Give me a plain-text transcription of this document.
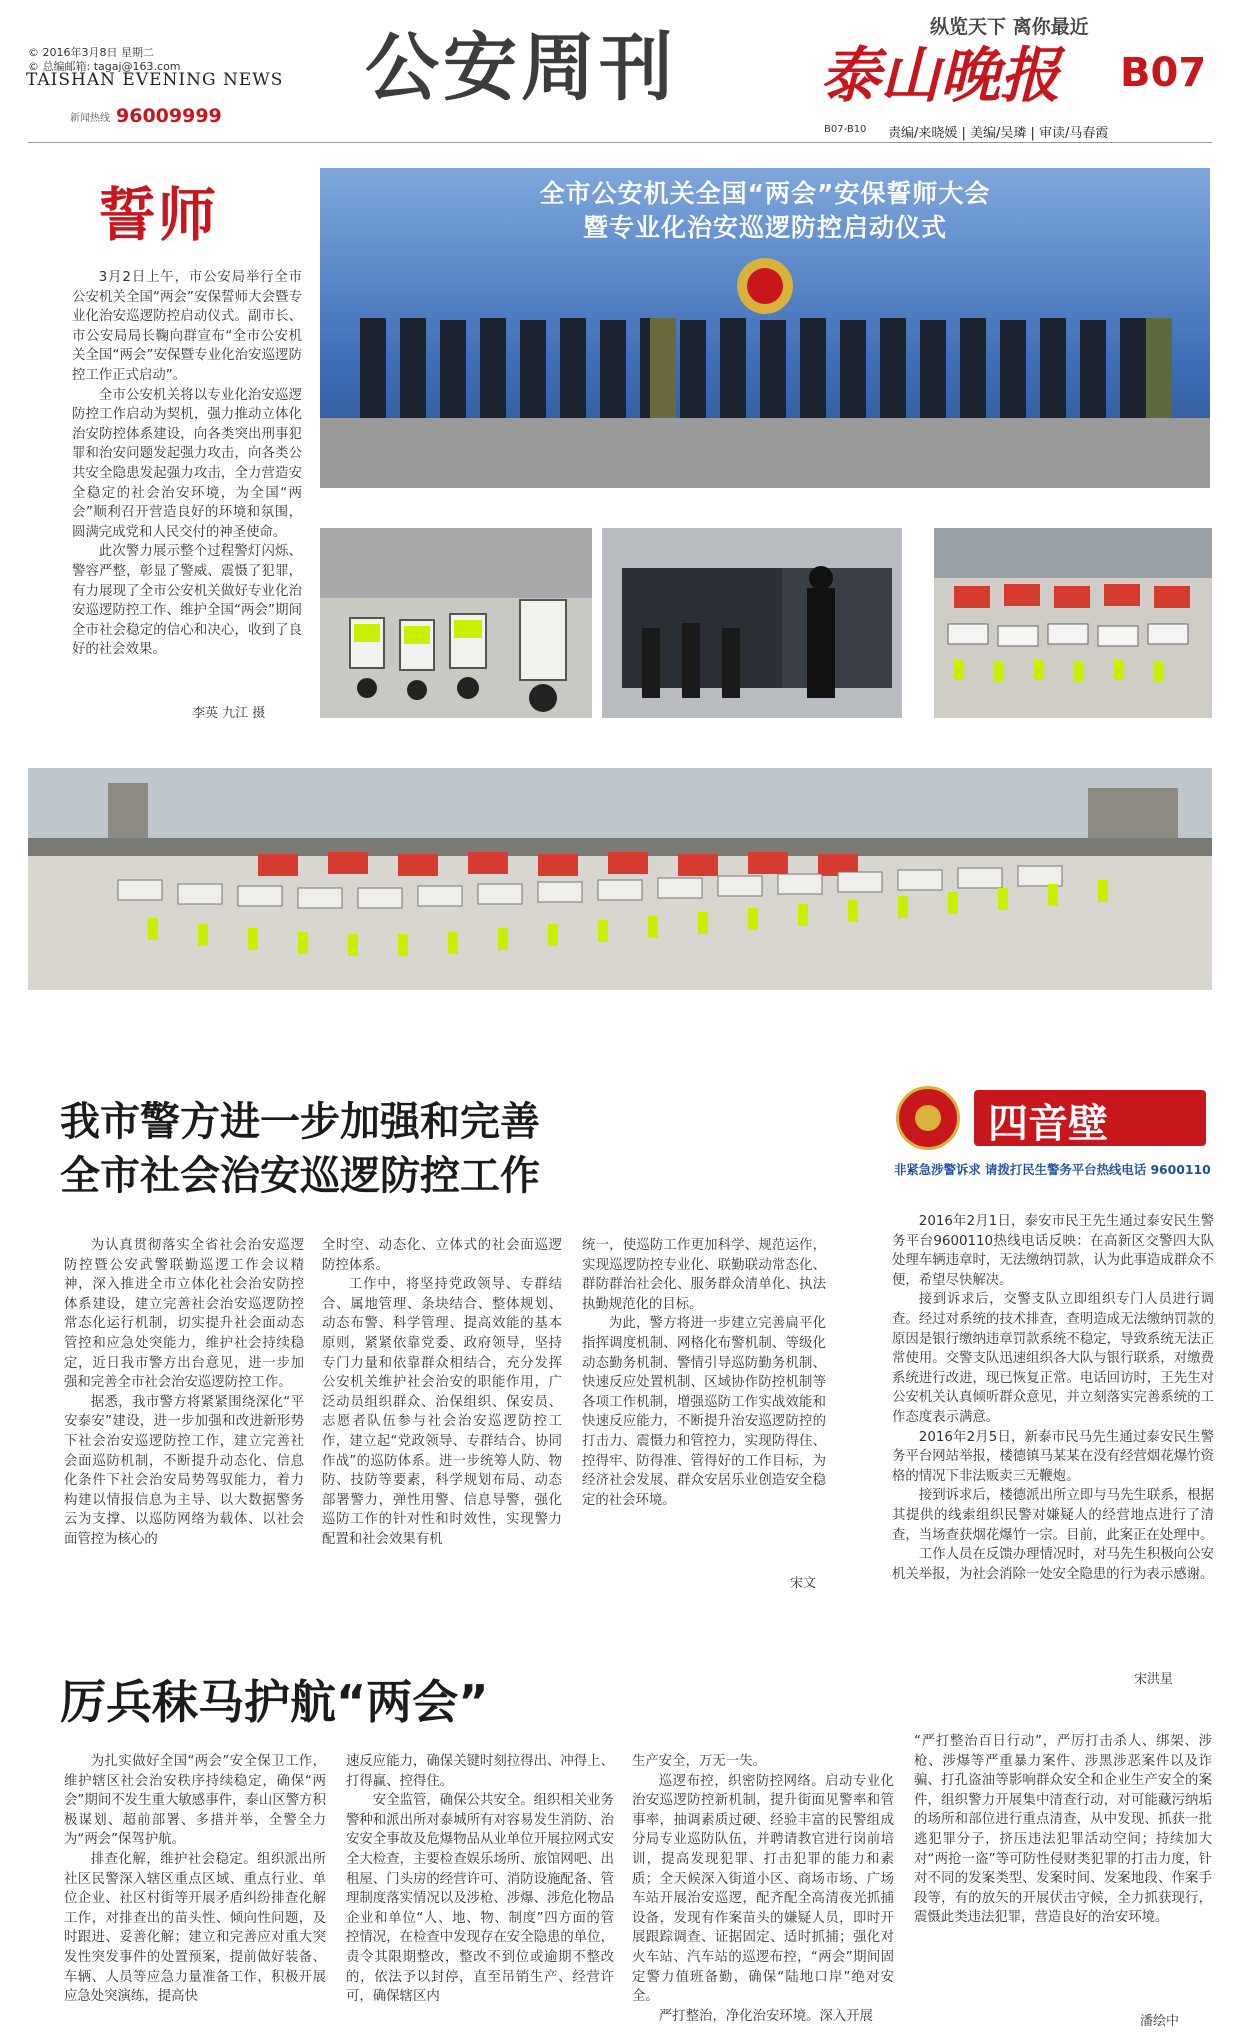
© 2016年3月8日 星期二
© 总编邮箱: tagaj@163.com
TAISHAN EVENING NEWS
新闻热线 96009999
公安周刊	纵览天下 离你最近
泰山晚报 B07
B07-B10 责编/来晓媛 | 美编/吴璘 | 审读/马春霞
誓师

3月2日上午，市公安局举行全市公安机关全国“两会”安保誓师大会暨专业化治安巡逻防控启动仪式。副市长、市公安局局长鞠向群宣布“全市公安机关全国“两会”安保暨专业化治安巡逻防控工作正式启动”。

全市公安机关将以专业化治安巡逻防控工作启动为契机，强力推动立体化治安防控体系建设，向各类突出刑事犯罪和治安问题发起强力攻击，向各类公共安全隐患发起强力攻击，全力营造安全稳定的社会治安环境，为全国“两会”顺利召开营造良好的环境和氛围，圆满完成党和人民交付的神圣使命。

此次警力展示整个过程警灯闪烁、警容严整，彰显了警威、震慑了犯罪，有力展现了全市公安机关做好专业化治安巡逻防控工作、维护全国“两会”期间全市社会稳定的信心和决心，收到了良好的社会效果。

李英 九江 摄
全市公安机关全国“两会”安保誓师大会
暨专业化治安巡逻防控启动仪式
我市警方进一步加强和完善
全市社会治安巡逻防控工作

为认真贯彻落实全省社会治安巡逻防控暨公安武警联勤巡逻工作会议精神，深入推进全市立体化社会治安防控体系建设，建立完善社会治安巡逻防控常态化运行机制，切实提升社会面动态管控和应急处突能力，维护社会持续稳定，近日我市警方出台意见，进一步加强和完善全市社会治安巡逻防控工作。

据悉，我市警方将紧紧围绕深化“平安泰安”建设，进一步加强和改进新形势下社会治安巡逻防控工作，建立完善社会面巡防机制，不断提升动态化、信息化条件下社会治安局势驾驭能力，着力构建以情报信息为主导、以大数据警务云为支撑、以巡防网络为载体、以社会面管控为核心的

全时空、动态化、立体式的社会面巡逻防控体系。

工作中，将坚持党政领导、专群结合、属地管理、条块结合、整体规划、动态布警、科学管理、提高效能的基本原则，紧紧依靠党委、政府领导，坚持专门力量和依靠群众相结合，充分发挥公安机关维护社会治安的职能作用，广泛动员组织群众、治保组织、保安员、志愿者队伍参与社会治安巡逻防控工作，建立起“党政领导、专群结合、协同作战”的巡防体系。进一步统筹人防、物防、技防等要素，科学规划布局、动态部署警力，弹性用警、信息导警，强化巡防工作的针对性和时效性，实现警力配置和社会效果有机

统一，使巡防工作更加科学、规范运作，实现巡逻防控专业化、联勤联动常态化、群防群治社会化、服务群众清单化、执法执勤规范化的目标。

为此，警方将进一步建立完善扁平化指挥调度机制、网格化布警机制、等级化动态勤务机制、警情引导巡防勤务机制、快速反应处置机制、区域协作防控机制等各项工作机制，增强巡防工作实战效能和快速反应能力，不断提升治安巡逻防控的打击力、震慑力和管控力，实现防得住、控得牢、防得准、管得好的工作目标，为经济社会发展、群众安居乐业创造安全稳定的社会环境。

宋文
四音壁
非紧急涉警诉求 请拨打民生警务平台热线电话 9600110

2016年2月1日，泰安市民王先生通过泰安民生警务平台9600110热线电话反映：在高新区交警四大队处理车辆违章时，无法缴纳罚款，认为此事造成群众不便，希望尽快解决。

接到诉求后，交警支队立即组织专门人员进行调查。经过对系统的技术排查，查明造成无法缴纳罚款的原因是银行缴纳违章罚款系统不稳定，导致系统无法正常使用。交警支队迅速组织各大队与银行联系，对缴费系统进行改进，现已恢复正常。电话回访时，王先生对公安机关认真倾听群众意见，并立刻落实完善系统的工作态度表示满意。

2016年2月5日，新泰市民马先生通过泰安民生警务平台网站举报，楼德镇马某某在没有经营烟花爆竹资格的情况下非法贩卖三无鞭炮。

接到诉求后，楼德派出所立即与马先生联系，根据其提供的线索组织民警对嫌疑人的经营地点进行了清查，当场查获烟花爆竹一宗。目前，此案正在处理中。

工作人员在反馈办理情况时，对马先生积极向公安机关举报，为社会消除一处安全隐患的行为表示感谢。

宋洪星
厉兵秣马护航“两会”

为扎实做好全国“两会”安全保卫工作，维护辖区社会治安秩序持续稳定，确保“两会”期间不发生重大敏感事件，泰山区警方积极谋划、超前部署、多措并举，全警全力为“两会”保驾护航。

排查化解，维护社会稳定。组织派出所社区民警深入辖区重点区域、重点行业、单位企业、社区村街等开展矛盾纠纷排查化解工作，对排查出的苗头性、倾向性问题，及时跟进、妥善化解；建立和完善应对重大突发性突发事件的处置预案，提前做好装备、车辆、人员等应急力量准备工作，积极开展应急处突演练，提高快

速反应能力，确保关键时刻拉得出、冲得上、打得赢、控得住。

安全监管，确保公共安全。组织相关业务警种和派出所对泰城所有对容易发生消防、治安安全事故及危爆物品从业单位开展拉网式安全大检查，主要检查娱乐场所、旅馆网吧、出租屋、门头房的经营许可、消防设施配备、管理制度落实情况以及涉枪、涉爆、涉危化物品企业和单位“人、地、物、制度”四方面的管控情况，在检查中发现存在安全隐患的单位，责令其限期整改，整改不到位或逾期不整改的，依法予以封停，直至吊销生产、经营许可，确保辖区内

生产安全，万无一失。

巡逻布控，织密防控网络。启动专业化治安巡逻防控新机制，提升街面见警率和管事率，抽调素质过硬、经验丰富的民警组成分局专业巡防队伍，并聘请教官进行岗前培训，提高发现犯罪、打击犯罪的能力和素质；全天候深入街道小区、商场市场、广场车站开展治安巡逻，配齐配全高清夜光抓捕设备，发现有作案苗头的嫌疑人员，即时开展跟踪调查、证据固定、适时抓捕；强化对火车站、汽车站的巡逻布控，“两会”期间固定警力值班备勤，确保“陆地口岸”绝对安全。

严打整治，净化治安环境。深入开展

“严打整治百日行动”，严厉打击杀人、绑架、涉枪、涉爆等严重暴力案件、涉黑涉恶案件以及诈骗、打孔盗油等影响群众安全和企业生产安全的案件，组织警力开展集中清查行动，对可能藏污纳垢的场所和部位进行重点清查，从中发现、抓获一批逃犯罪分子，挤压违法犯罪活动空间；持续加大对“两抢一盗”等可防性侵财类犯罪的打击力度，针对不同的发案类型、发案时间、发案地段、作案手段等，有的放矢的开展伏击守候，全力抓获现行，震慑此类违法犯罪，营造良好的治安环境。

潘绘中
